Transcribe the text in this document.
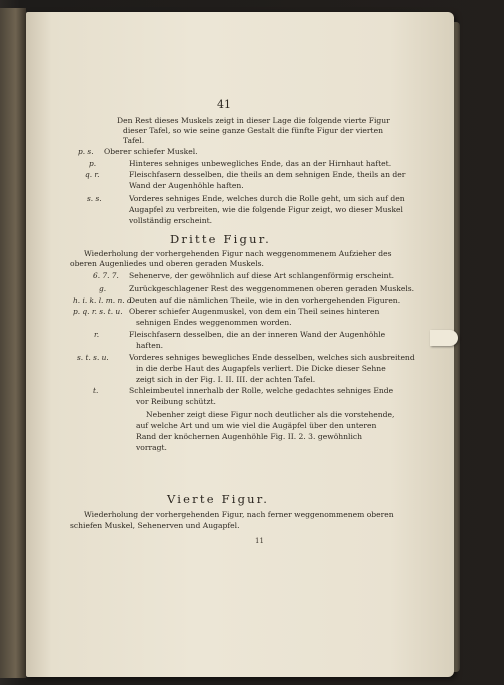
41
Den Rest dieses Muskels zeigt in dieser Lage die folgende vierte Figur
dieser Tafel, so wie seine ganze Gestalt die fünfte Figur der vierten
Tafel.
p. s. Oberer schiefer Muskel.
p.	Hinteres sehniges unbewegliches Ende, das an der Hirnhaut haftet.
q. r.	Fleischfasern desselben, die theils an dem sehnigen Ende, theils an der
Wand der Augenhöhle haften.
s. s.	Vorderes sehniges Ende, welches durch die Rolle geht, um sich auf den
Augapfel zu verbreiten, wie die folgende Figur zeigt, wo dieser Muskel
vollständig erscheint.
Dritte Figur.
Wiederholung der vorhergehenden Figur nach weggenommenem Aufzieher des
oberen Augenliedes und oberen geraden Muskels.
6. 7. 7. Sehenerve, der gewöhnlich auf diese Art schlangenförmig erscheint.
g.	Zurückgeschlagener Rest des weggenommenen oberen geraden Muskels.
h. i. k. l. m. n. o.
Deuten auf die nämlichen Theile, wie in den vorhergehenden Figuren.
p. q. r. s. t. u. Oberer schiefer Augenmuskel, von dem ein Theil seines hinteren
sehnigen Endes weggenommen worden.
r.	Fleischfasern desselben, die an der inneren Wand der Augenhöhle
haften.
s. t. s. u.	Vorderes sehniges bewegliches Ende desselben, welches sich ausbreitend
in die derbe Haut des Augapfels verliert. Die Dicke dieser Sehne
zeigt sich in der Fig. I. II. III. der achten Tafel.
t.	Schleimbeutel innerhalb der Rolle, welche gedachtes sehniges Ende
vor Reibung schützt.
Nebenher zeigt diese Figur noch deutlicher als die vorstehende,
auf welche Art und um wie viel die Augäpfel über den unteren
Rand der knöchernen Augenhöhle Fig. II. 2. 3. gewöhnlich
vorragt.
Vierte Figur.
Wiederholung der vorhergehenden Figur, nach ferner weggenommenem oberen
schiefen Muskel, Sehenerven und Augapfel.
11
